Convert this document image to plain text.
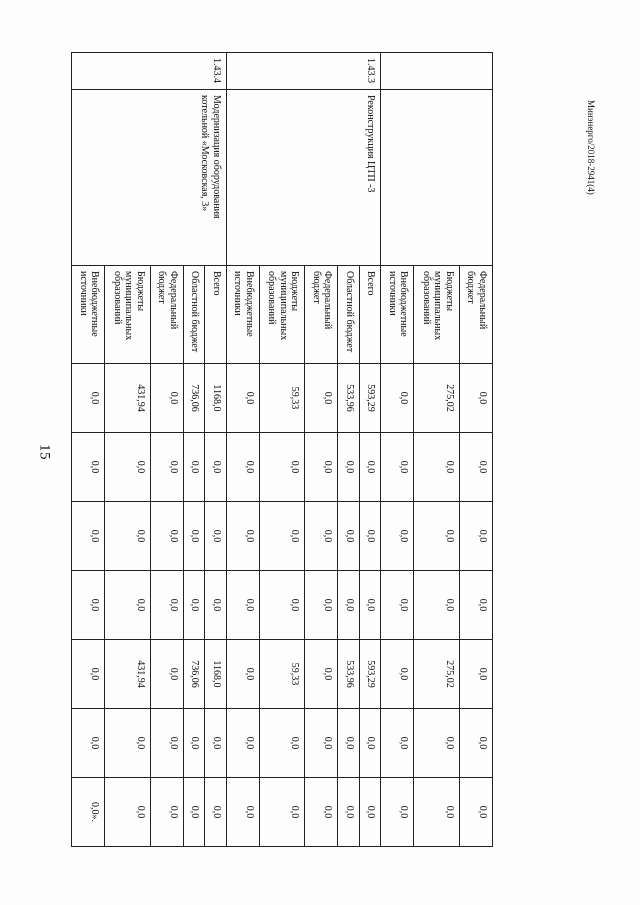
15
Минэнерго/2018-2941(4)
		Федеральный бюджет	0,0	0,0	0,0	0,0	0,0	0,0	0,0
		Бюджеты муниципальных образований	275,02	0,0	0,0	0,0	275,02	0,0	0,0
		Внебюджетные источники	0,0	0,0	0,0	0,0	0,0	0,0	0,0
1.43.3	Реконструкция ЦТП -3	Всего	593,29	0,0	0,0	0,0	593,29	0,0	0,0
		Областной бюджет	533,96	0,0	0,0	0,0	533,96	0,0	0,0
		Федеральный бюджет	0,0	0,0	0,0	0,0	0,0	0,0	0,0
		Бюджеты муниципальных образований	59,33	0,0	0,0	0,0	59,33	0,0	0,0
		Внебюджетные источники	0,0	0,0	0,0	0,0	0,0	0,0	0,0
1.43.4	Модернизация оборудования котельной «Московская, 3»	Всего	1168,0	0,0	0,0	0,0	1168,0	0,0	0,0
		Областной бюджет	736,06	0,0	0,0	0,0	736,06	0,0	0,0
		Федеральный бюджет	0,0	0,0	0,0	0,0	0,0	0,0	0,0
		Бюджеты муниципальных образований	431,94	0,0	0,0	0,0	431,94	0,0	0,0
		Внебюджетные источники	0,0	0,0	0,0	0,0	0,0	0,0	0,0».
